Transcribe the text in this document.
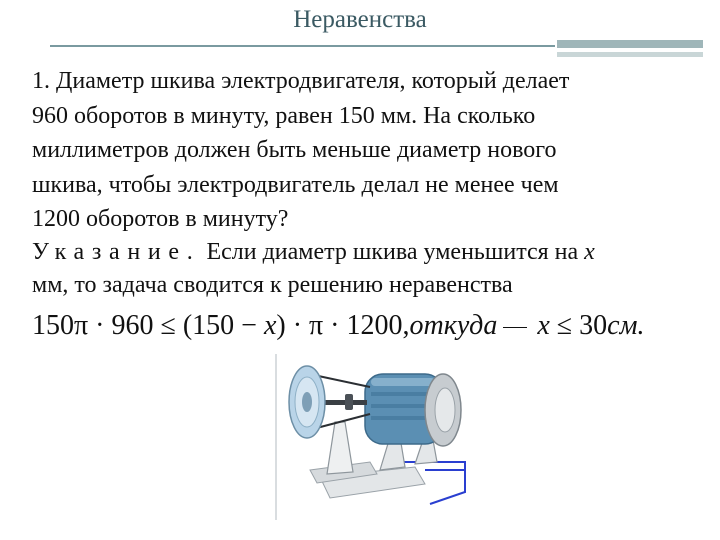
Неравенства
1. Диаметр шкива электродвигателя, который делает
960 оборотов в минуту, равен 150 мм. На сколько
миллиметров должен быть меньше диаметр нового
шкива, чтобы электродвигатель делал не менее чем
1200 оборотов в минуту?
Указание. Если диаметр шкива уменьшится на x
мм, то задача сводится к решению неравенства
150π · 960 ≤ (150 − x) · π · 1200,откуда x ≤ 30см.
